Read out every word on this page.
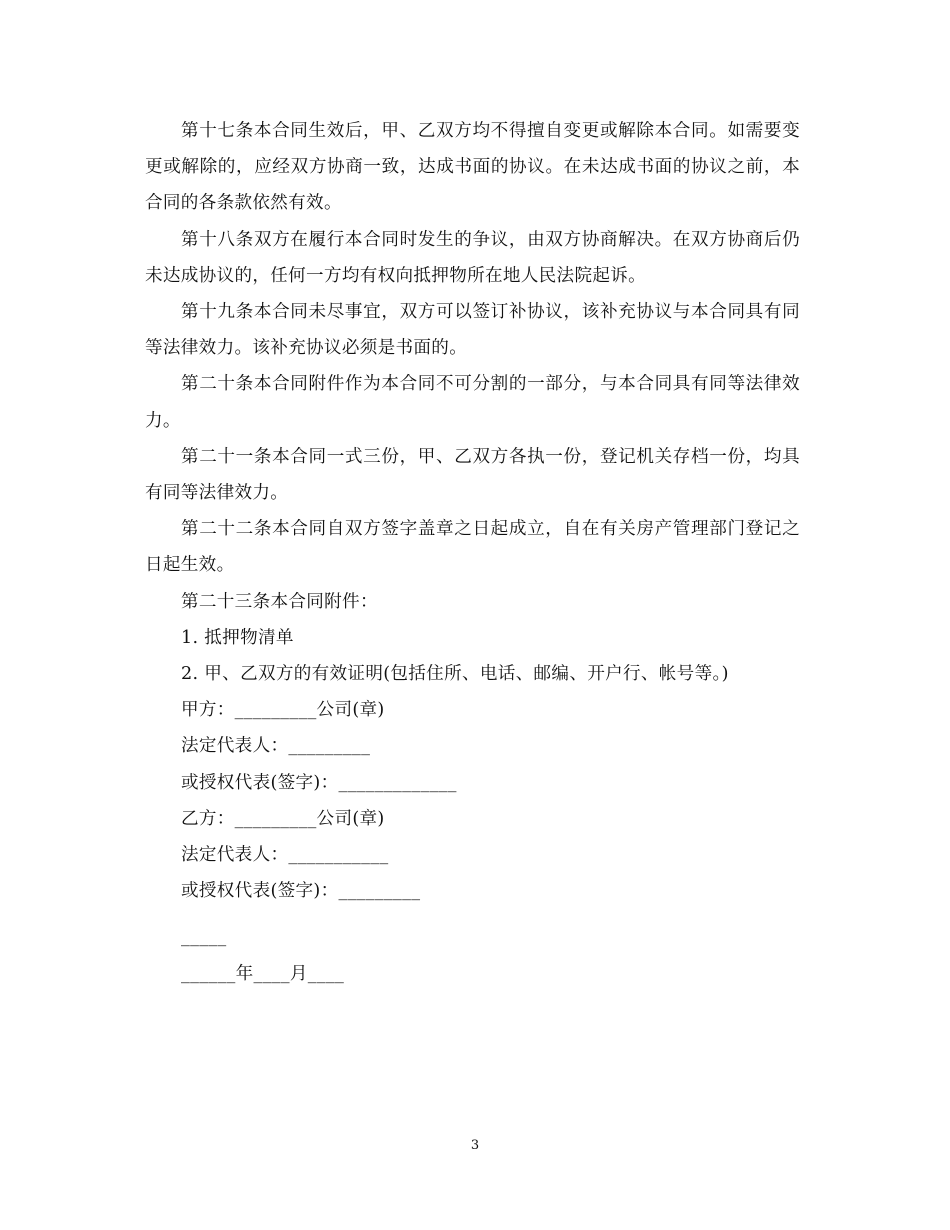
第十七条本合同生效后，甲、乙双方均不得擅自变更或解除本合同。如需要变更或解除的，应经双方协商一致，达成书面的协议。在未达成书面的协议之前，本合同的各条款依然有效。

第十八条双方在履行本合同时发生的争议，由双方协商解决。在双方协商后仍未达成协议的，任何一方均有权向抵押物所在地人民法院起诉。

第十九条本合同未尽事宜，双方可以签订补协议，该补充协议与本合同具有同等法律效力。该补充协议必须是书面的。

第二十条本合同附件作为本合同不可分割的一部分，与本合同具有同等法律效力。

第二十一条本合同一式三份，甲、乙双方各执一份，登记机关存档一份，均具有同等法律效力。

第二十二条本合同自双方签字盖章之日起成立，自在有关房产管理部门登记之日起生效。

第二十三条本合同附件：

1. 抵押物清单

2. 甲、乙双方的有效证明(包括住所、电话、邮编、开户行、帐号等。)

甲方：_________公司(章)

法定代表人：_________

或授权代表(签字)：_____________

乙方：_________公司(章)

法定代表人：___________

或授权代表(签字)：_________

_____

______年____月____

3
